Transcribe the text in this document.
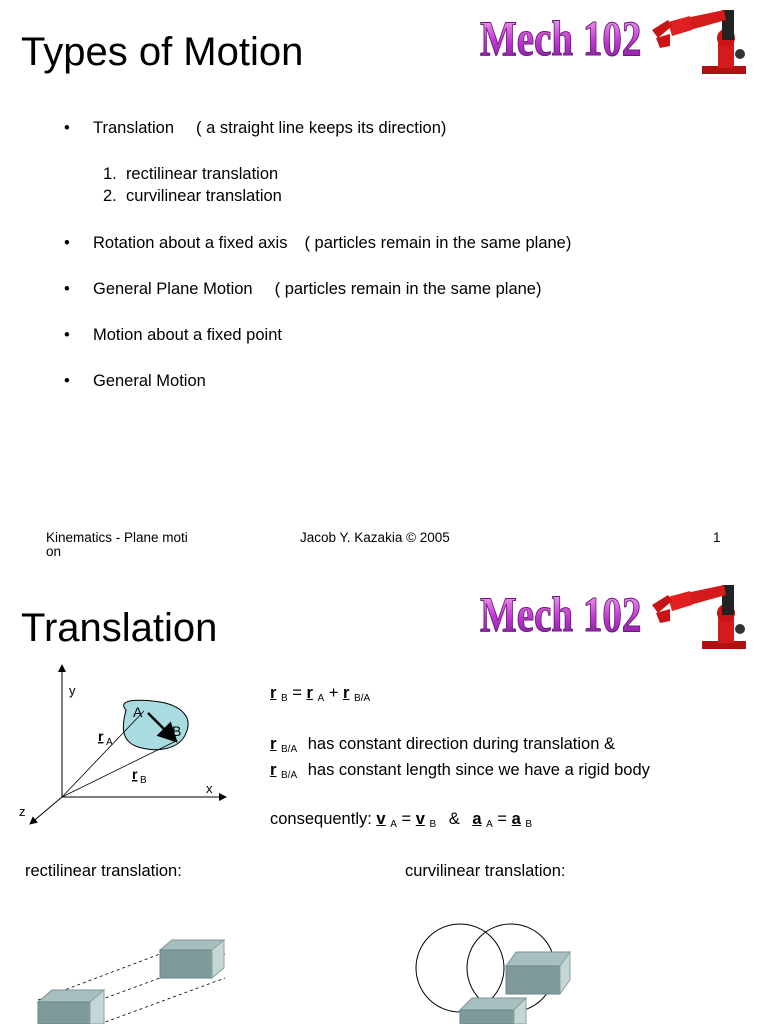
Types of Motion	Mech 102
• Translation ( a straight line keeps its direction)
1.  rectilinear translation
2.  curvilinear translation
• Rotation about a fixed axis ( particles remain in the same plane)
• General Plane Motion ( particles remain in the same plane)
• Motion about a fixed point
• General Motion
Kinematics - Plane moti
on
Jacob Y. Kazakia © 2005	1
Translation	Mech 102
y
x
z
A
B
r A
r B
r $_B$ = r $_A$ + r $_{B/A}$
r $_{B/A}$ has constant direction during translation &
r $_{B/A}$ has constant length since we have a rigid body
consequently: v $_A$ = v $_B$ & a $_A$ = a $_B$
rectilinear translation:	curvilinear translation:
